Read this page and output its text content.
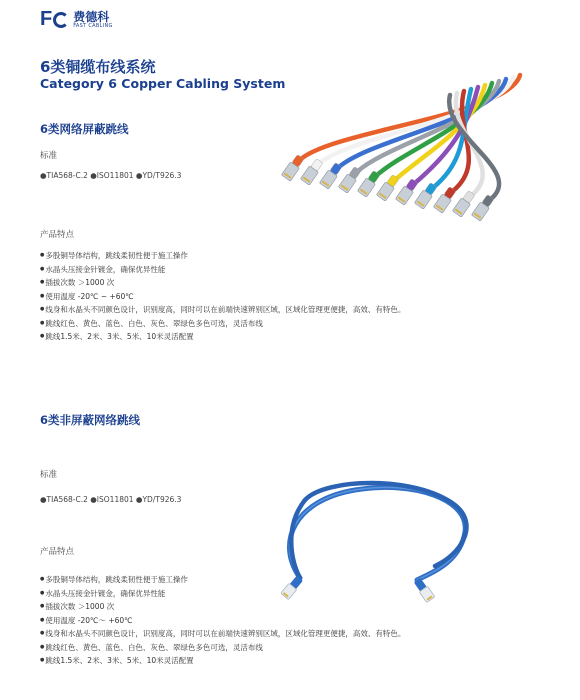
F 费德科
FAST CABLING
6类铜缆布线系统
Category 6 Copper Cabling System
6类网络屏蔽跳线
标准
●TIA568-C.2 ●ISO11801 ●YD/T926.3
产品特点
● 多股铜导体结构，跳线柔韧性便于施工操作
● 水晶头压接金针镀金，确保优异性能
● 插拔次数 ＞1000 次
● 使用温度 -20℃ ~ +60℃
● 线身和水晶头不同颜色设计，识别度高，同时可以在前端快速辨别区域，区域化管理更便捷，高效、有特色。
● 跳线红色、黄色、蓝色、白色、灰色、翠绿色多色可选，灵活布线
● 跳线1.5米、2米、3米、5米、10米灵活配置
6类非屏蔽网络跳线
标准
●TIA568-C.2 ●ISO11801 ●YD/T926.3
产品特点
● 多股铜导体结构，跳线柔韧性便于施工操作
● 水晶头压接金针镀金，确保优异性能
● 插拔次数 ＞1000 次
● 使用温度 -20℃～ +60℃
● 线身和水晶头不同颜色设计，识别度高，同时可以在前端快速辨别区域，区域化管理更便捷，高效、有特色。
● 跳线红色、黄色、蓝色、白色、灰色、翠绿色多色可选，灵活布线
● 跳线1.5米、2米、3米、5米、10米灵活配置
